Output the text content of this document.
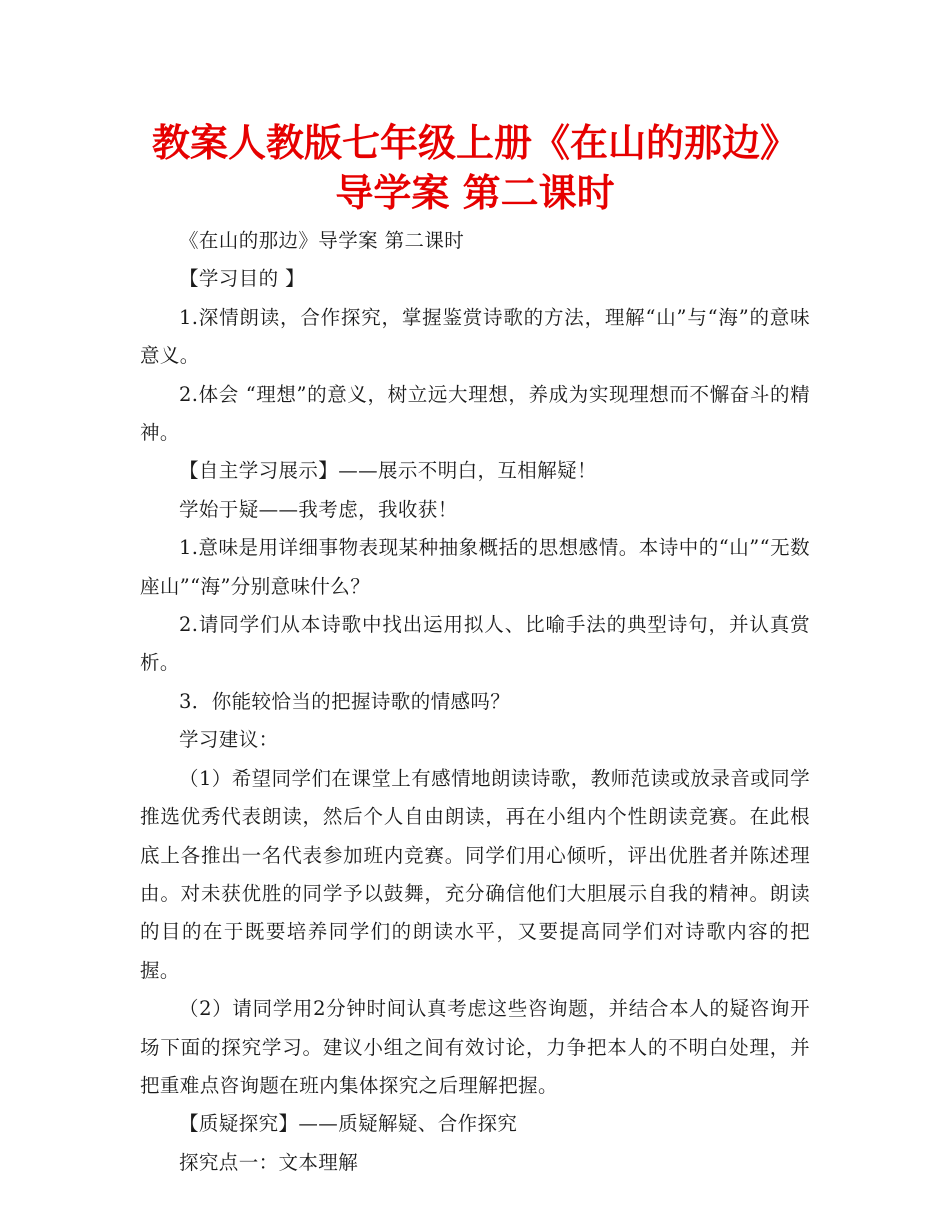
教案人教版七年级上册《在山的那边》导学案 第二课时

《在山的那边》导学案 第二课时

【学习目的 】

1.深情朗读，合作探究，掌握鉴赏诗歌的方法，理解“山”与“海”的意味意义。

2.体会 “理想”的意义，树立远大理想，养成为实现理想而不懈奋斗的精神。

【自主学习展示】——展示不明白，互相解疑！

学始于疑——我考虑，我收获！

1.意味是用详细事物表现某种抽象概括的思想感情。本诗中的“山”“无数座山”“海”分别意味什么？

2.请同学们从本诗歌中找出运用拟人、比喻手法的典型诗句，并认真赏析。

3．你能较恰当的把握诗歌的情感吗？

学习建议：

（1）希望同学们在课堂上有感情地朗读诗歌，教师范读或放录音或同学推选优秀代表朗读，然后个人自由朗读，再在小组内个性朗读竞赛。在此根底上各推出一名代表参加班内竞赛。同学们用心倾听，评出优胜者并陈述理由。对未获优胜的同学予以鼓舞，充分确信他们大胆展示自我的精神。朗读的目的在于既要培养同学们的朗读水平，又要提高同学们对诗歌内容的把握。

（2）请同学用2分钟时间认真考虑这些咨询题，并结合本人的疑咨询开场下面的探究学习。建议小组之间有效讨论，力争把本人的不明白处理，并把重难点咨询题在班内集体探究之后理解把握。

【质疑探究】——质疑解疑、合作探究

探究点一：文本理解
